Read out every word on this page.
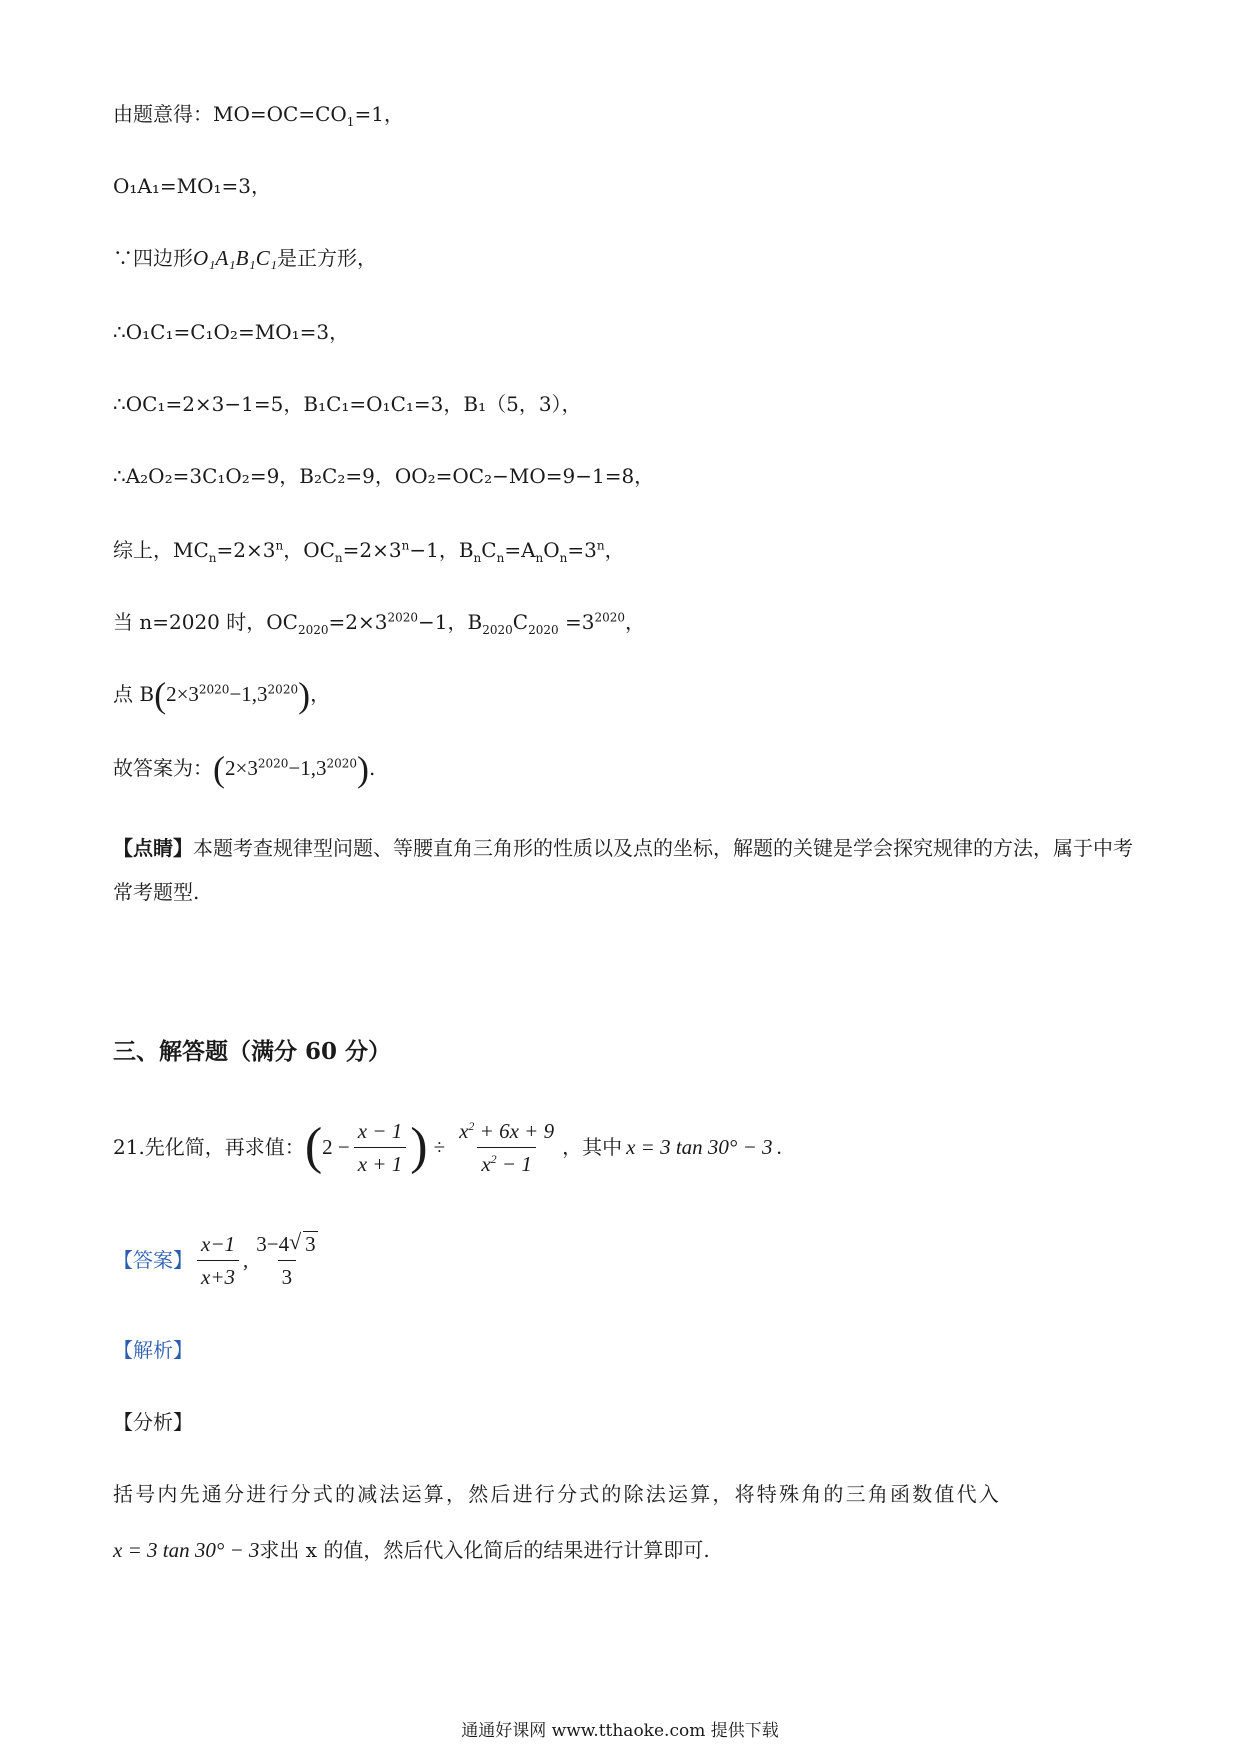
由题意得：$MO=OC=CO_1=1$，
O₁A₁=MO₁=3，
∵四边形O₁A₁B₁C₁是正方形，
∴O₁C₁=C₁O₂=MO₁=3，
∴OC₁=2×3−1=5，B₁C₁=O₁C₁=3，B₁（5，3），
∴A₂O₂=3C₁O₂=9，B₂C₂=9，OO₂=OC₂−MO=9−1=8，
综上，$MC_n=2\times 3^n$，$OC_n=2\times 3^n-1$，$B_nC_n=A_nO_n=3^n$，
当 n=2020 时，$OC_{2020}=2\times 3^{2020}-1$，$B_{2020}C_{2020} =3^{2020}$，
点 $B(2\times 3^{2020}-1,3^{2020})$，
故答案为：$(2\times 3^{2020}-1,3^{2020})$.
【点睛】本题考查规律型问题、等腰直角三角形的性质以及点的坐标，解题的关键是学会探究规律的方法，属于中考常考题型.
三、解答题（满分 60 分）
21.先化简，再求值： ( $2 - \frac{x - 1}{x + 1}$ ) ÷ $\frac{x^2 + 6x + 9}{x^2 - 1}$ ，其中 x = 3 tan 30° − 3 .
【答案】 $\frac{x-1}{x+3}$ , $\frac{3-4√ 3}{3}$
【解析】
【分析】
括号内先通分进行分式的减法运算，然后进行分式的除法运算，将特殊角的三角函数值代入
x = 3 tan 30° − 3求出 x 的值，然后代入化简后的结果进行计算即可.
通通好课网 www.tthaoke.com 提供下载
